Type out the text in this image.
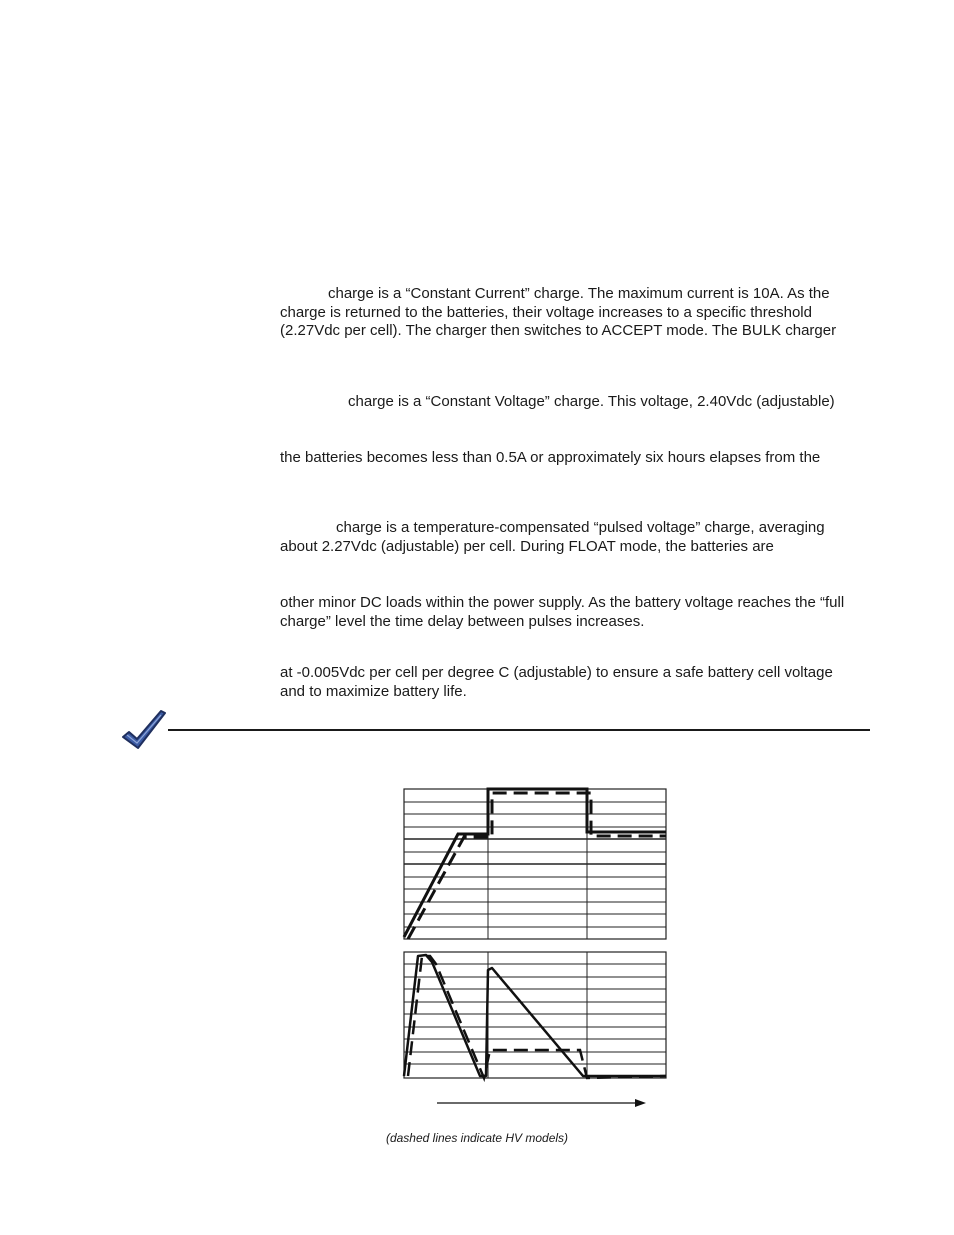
charge is a “Constant Current” charge. The maximum current is 10A. As the
charge is returned to the batteries, their voltage increases to a specific threshold
(2.27Vdc per cell). The charger then switches to ACCEPT mode. The BULK charger
charge is a “Constant Voltage” charge. This voltage, 2.40Vdc (adjustable)
the batteries becomes less than 0.5A or approximately six hours elapses from the
charge is a temperature-compensated “pulsed voltage” charge, averaging
about 2.27Vdc (adjustable) per cell. During FLOAT mode, the batteries are
other minor DC loads within the power supply. As the battery voltage reaches the “full
charge” level the time delay between pulses increases.
at -0.005Vdc per cell per degree C (adjustable) to ensure a safe battery cell voltage
and to maximize battery life.
(dashed lines indicate HV models)
